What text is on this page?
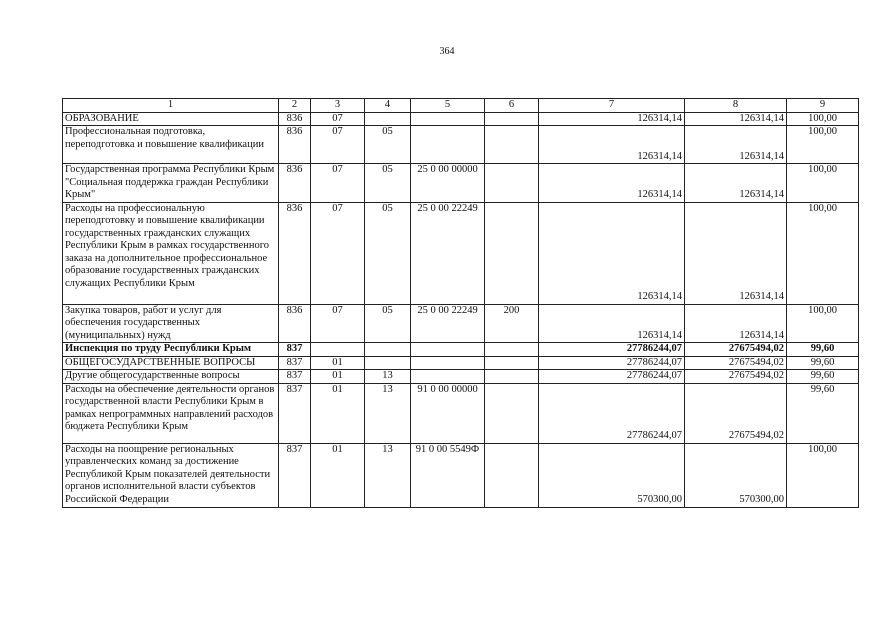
364
1	2	3	4	5	6	7	8	9
ОБРАЗОВАНИЕ	836	07				126314,14	126314,14	100,00
Профессиональная подготовка, переподготовка и повышение квалификации	836	07	05			126314,14	126314,14	100,00
Государственная программа Республики Крым "Социальная поддержка граждан Республики Крым"	836	07	05	25 0 00 00000		126314,14	126314,14	100,00
Расходы на профессиональную переподготовку и повышение квалификации государственных гражданских служащих Республики Крым в рамках государственного заказа на дополнительное профессиональное образование государственных гражданских служащих Республики Крым	836	07	05	25 0 00 22249		126314,14	126314,14	100,00
Закупка товаров, работ и услуг для обеспечения государственных (муниципальных) нужд	836	07	05	25 0 00 22249	200	126314,14	126314,14	100,00
Инспекция по труду Республики Крым	837					27786244,07	27675494,02	99,60
ОБЩЕГОСУДАРСТВЕННЫЕ ВОПРОСЫ	837	01				27786244,07	27675494,02	99,60
Другие общегосударственные вопросы	837	01	13			27786244,07	27675494,02	99,60
Расходы на обеспечение деятельности органов государственной власти Республики Крым в рамках непрограммных направлений расходов бюджета Республики Крым	837	01	13	91 0 00 00000		27786244,07	27675494,02	99,60
Расходы на поощрение региональных управленческих команд за достижение Республикой Крым показателей деятельности органов исполнительной власти субъектов Российской Федерации	837	01	13	91 0 00 5549Ф		570300,00	570300,00	100,00
